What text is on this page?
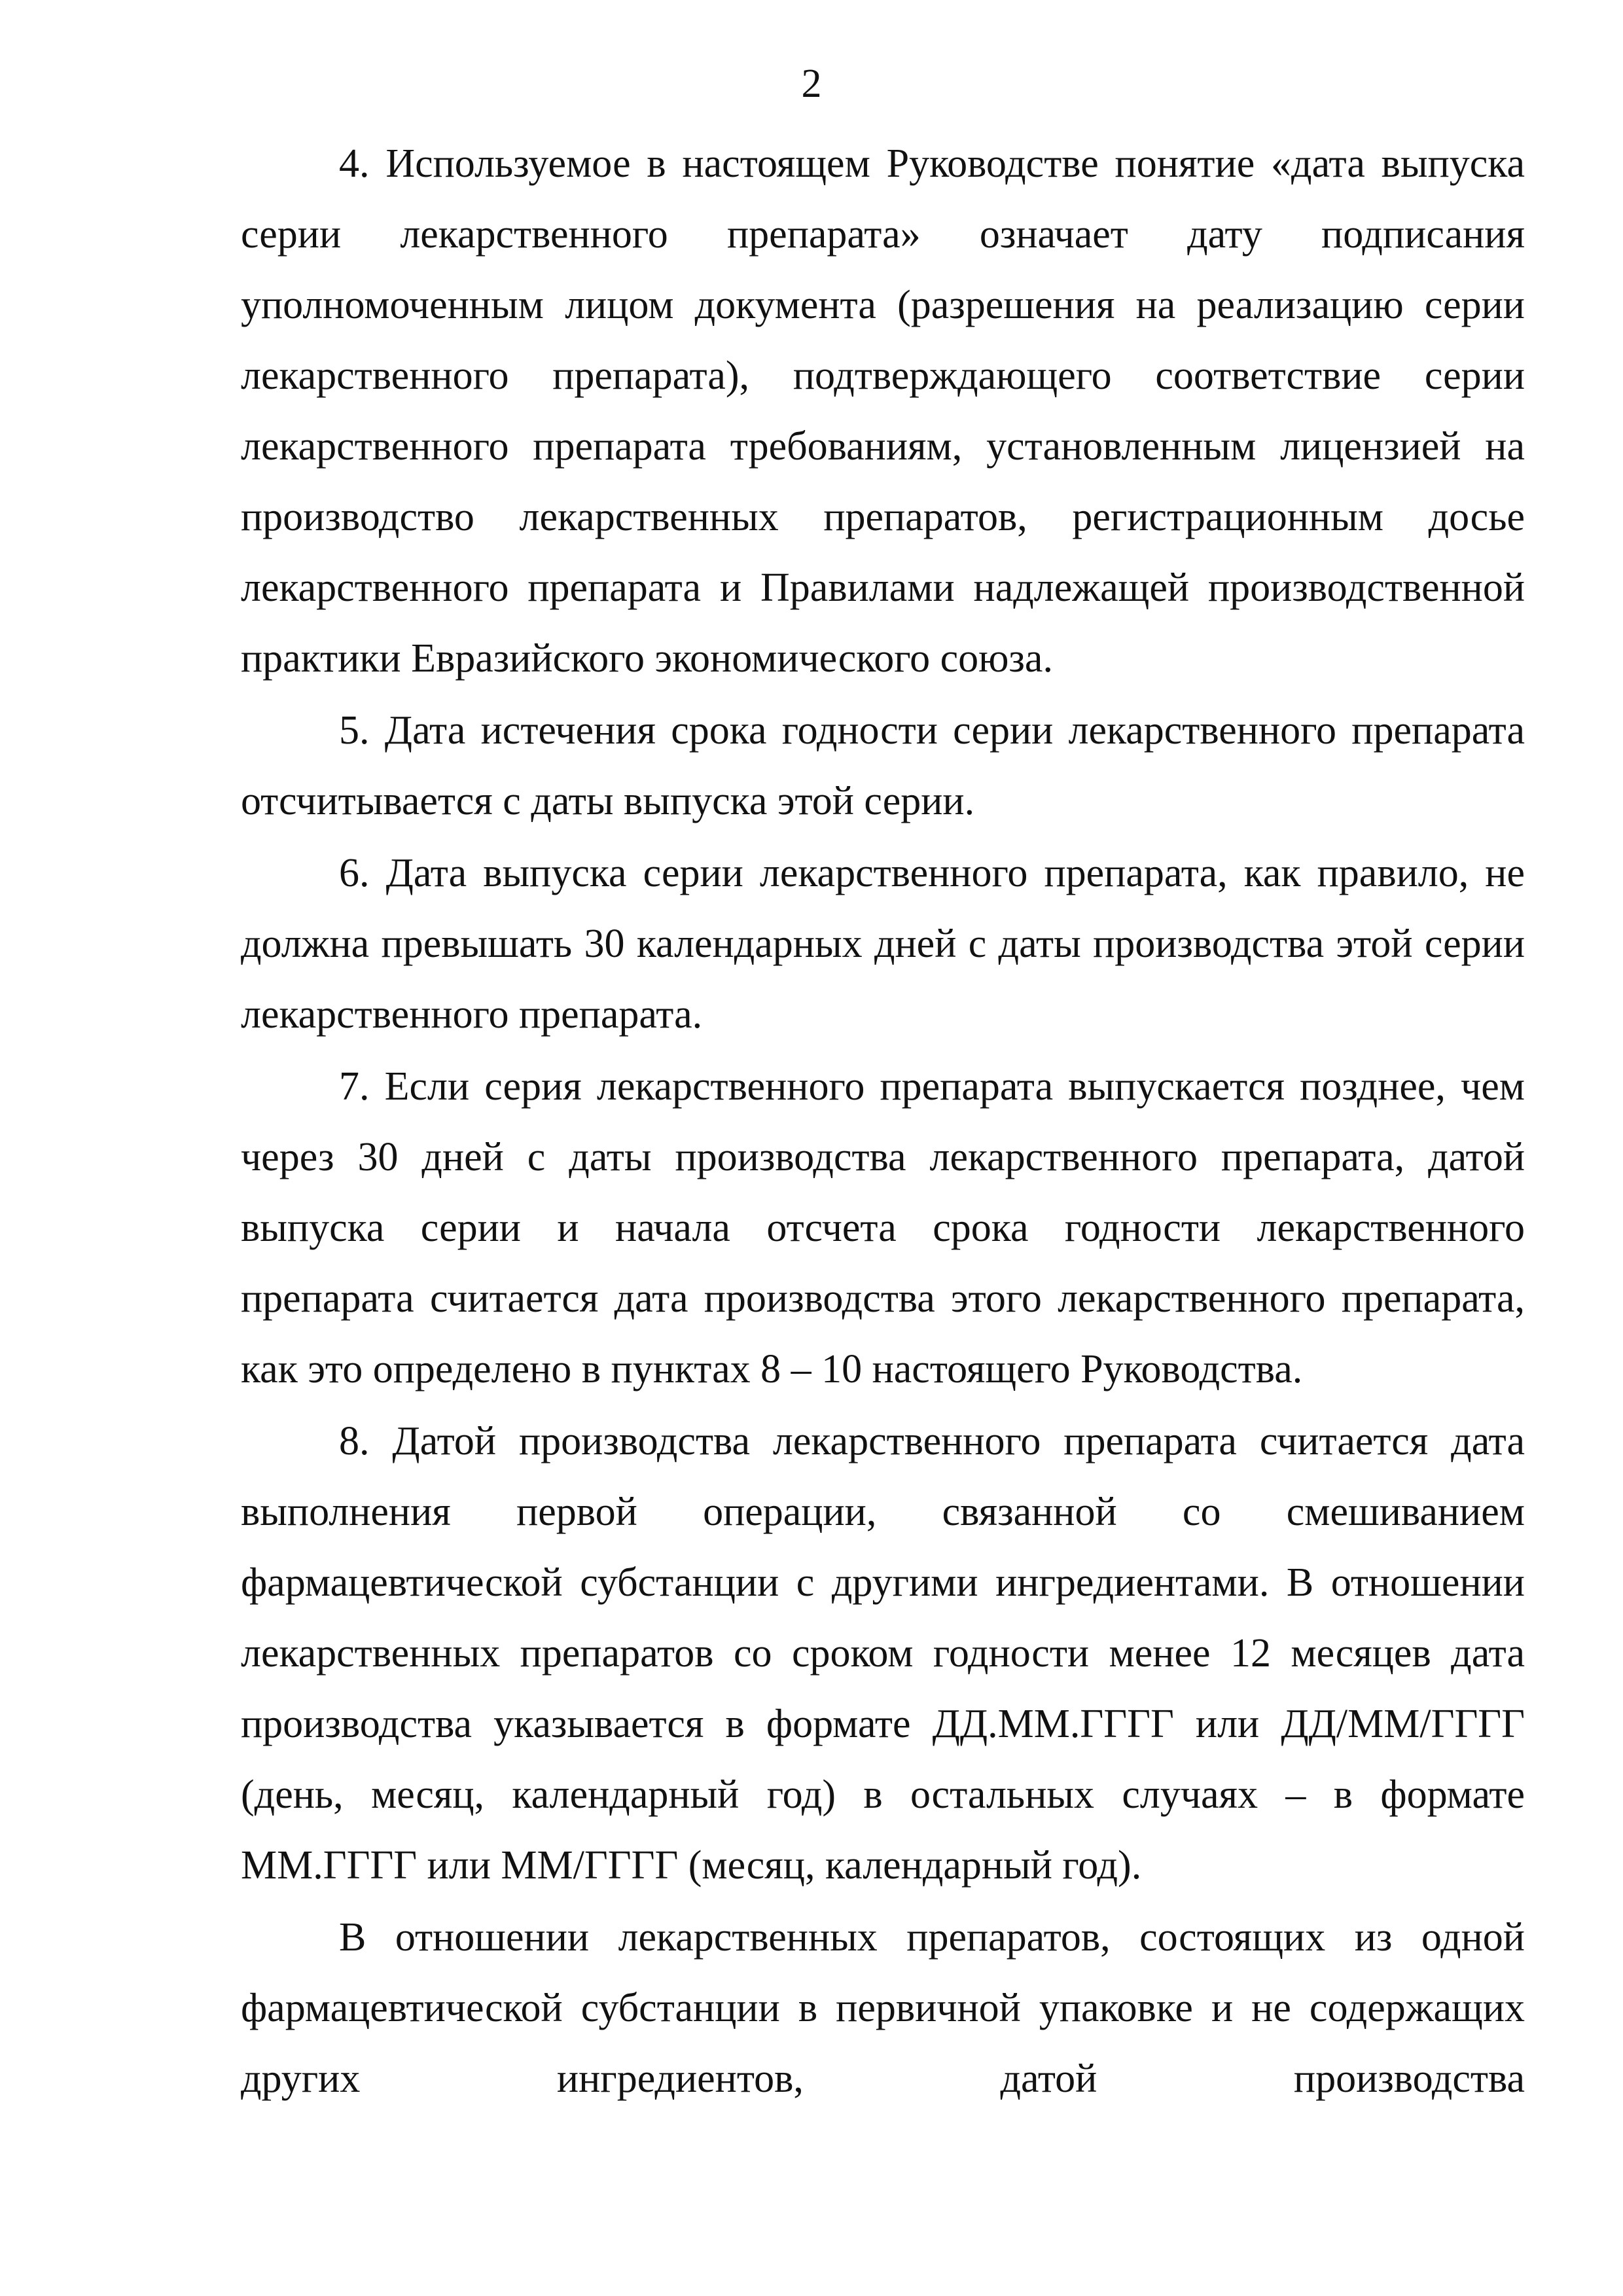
2

4. Используемое в настоящем Руководстве понятие «дата выпуска серии лекарственного препарата» означает дату подписания уполномоченным лицом документа (разрешения на реализацию серии лекарственного препарата), подтверждающего соответствие серии лекарственного препарата требованиям, установленным лицензией на производство лекарственных препаратов, регистрационным досье лекарственного препарата и Правилами надлежащей производственной практики Евразийского экономического союза.

5. Дата истечения срока годности серии лекарственного препарата отсчитывается с даты выпуска этой серии.

6. Дата выпуска серии лекарственного препарата, как правило, не должна превышать 30 календарных дней с даты производства этой серии лекарственного препарата.

7. Если серия лекарственного препарата выпускается позднее, чем через 30 дней с даты производства лекарственного препарата, датой выпуска серии и начала отсчета срока годности лекарственного препарата считается дата производства этого лекарственного препарата, как это определено в пунктах 8 – 10 настоящего Руководства.

8. Датой производства лекарственного препарата считается дата выполнения первой операции, связанной со смешиванием фармацевтической субстанции с другими ингредиентами. В отношении лекарственных препаратов со сроком годности менее 12 месяцев дата производства указывается в формате ДД.ММ.ГГГГ или ДД/ММ/ГГГГ (день, месяц, календарный год) в остальных случаях – в формате ММ.ГГГГ или ММ/ГГГГ (месяц, календарный год).

В отношении лекарственных препаратов, состоящих из одной фармацевтической субстанции в первичной упаковке и не содержащих других ингредиентов, датой производства
